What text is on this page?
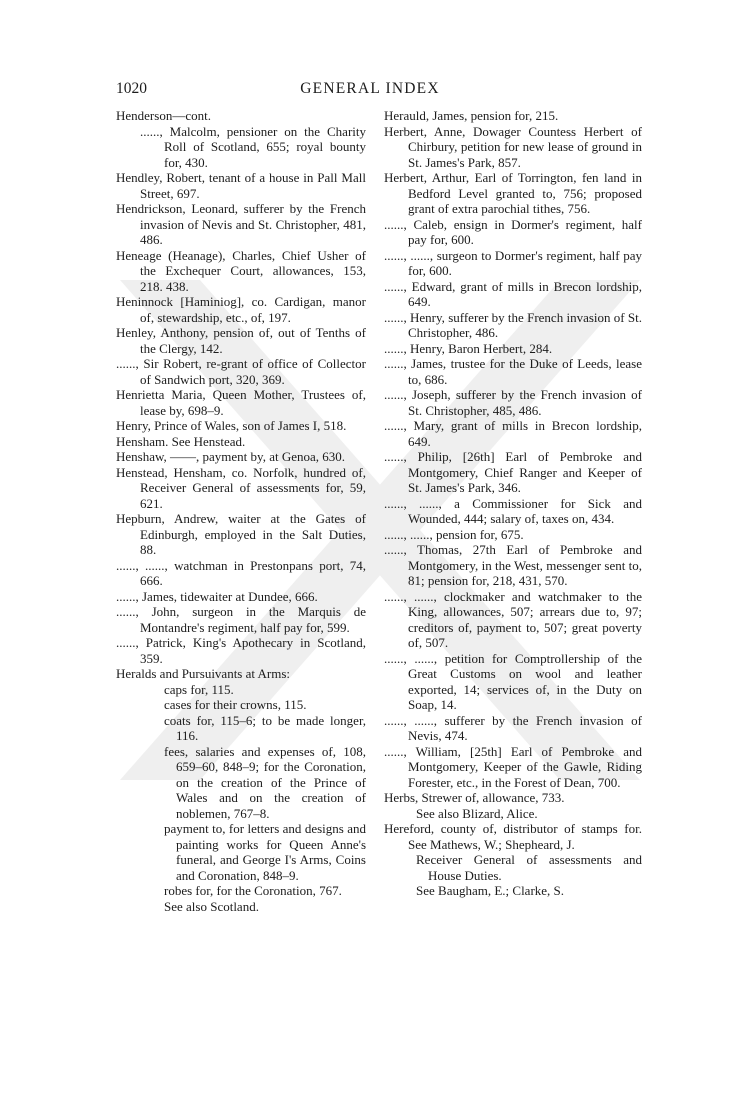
1020	GENERAL INDEX

Henderson—cont.

......, Malcolm, pensioner on the Charity Roll of Scotland, 655; royal bounty for, 430.

Hendley, Robert, tenant of a house in Pall Mall Street, 697.

Hendrickson, Leonard, sufferer by the French invasion of Nevis and St. Christopher, 481, 486.

Heneage (Heanage), Charles, Chief Usher of the Exchequer Court, allowances, 153, 218. 438.

Heninnock [Haminiog], co. Cardigan, manor of, stewardship, etc., of, 197.

Henley, Anthony, pension of, out of Tenths of the Clergy, 142.

......, Sir Robert, re-grant of office of Collector of Sandwich port, 320, 369.

Henrietta Maria, Queen Mother, Trustees of, lease by, 698–9.

Henry, Prince of Wales, son of James I, 518.

Hensham. See Henstead.

Henshaw, ——, payment by, at Genoa, 630.

Henstead, Hensham, co. Norfolk, hundred of, Receiver General of assessments for, 59, 621.

Hepburn, Andrew, waiter at the Gates of Edinburgh, employed in the Salt Duties, 88.

......, ......, watchman in Prestonpans port, 74, 666.

......, James, tidewaiter at Dundee, 666.

......, John, surgeon in the Marquis de Montandre's regiment, half pay for, 599.

......, Patrick, King's Apothecary in Scotland, 359.

Heralds and Pursuivants at Arms:

caps for, 115.

cases for their crowns, 115.

coats for, 115–6; to be made longer, 116.

fees, salaries and expenses of, 108, 659–60, 848–9; for the Coronation, on the creation of the Prince of Wales and on the creation of noblemen, 767–8.

payment to, for letters and designs and painting works for Queen Anne's funeral, and George I's Arms, Coins and Coronation, 848–9.

robes for, for the Coronation, 767.

See also Scotland.

Herauld, James, pension for, 215.

Herbert, Anne, Dowager Countess Herbert of Chirbury, petition for new lease of ground in St. James's Park, 857.

Herbert, Arthur, Earl of Torrington, fen land in Bedford Level granted to, 756; proposed grant of extra parochial tithes, 756.

......, Caleb, ensign in Dormer's regiment, half pay for, 600.

......, ......, surgeon to Dormer's regiment, half pay for, 600.

......, Edward, grant of mills in Brecon lordship, 649.

......, Henry, sufferer by the French invasion of St. Christopher, 486.

......, Henry, Baron Herbert, 284.

......, James, trustee for the Duke of Leeds, lease to, 686.

......, Joseph, sufferer by the French invasion of St. Christopher, 485, 486.

......, Mary, grant of mills in Brecon lordship, 649.

......, Philip, [26th] Earl of Pembroke and Montgomery, Chief Ranger and Keeper of St. James's Park, 346.

......, ......, a Commissioner for Sick and Wounded, 444; salary of, taxes on, 434.

......, ......, pension for, 675.

......, Thomas, 27th Earl of Pembroke and Montgomery, in the West, messenger sent to, 81; pension for, 218, 431, 570.

......, ......, clockmaker and watchmaker to the King, allowances, 507; arrears due to, 97; creditors of, payment to, 507; great poverty of, 507.

......, ......, petition for Comptrollership of the Great Customs on wool and leather exported, 14; services of, in the Duty on Soap, 14.

......, ......, sufferer by the French invasion of Nevis, 474.

......, William, [25th] Earl of Pembroke and Montgomery, Keeper of the Gawle, Riding Forester, etc., in the Forest of Dean, 700.

Herbs, Strewer of, allowance, 733.

See also Blizard, Alice.

Hereford, county of, distributor of stamps for. See Mathews, W.; Shepheard, J.

Receiver General of assessments and House Duties.

See Baugham, E.; Clarke, S.
